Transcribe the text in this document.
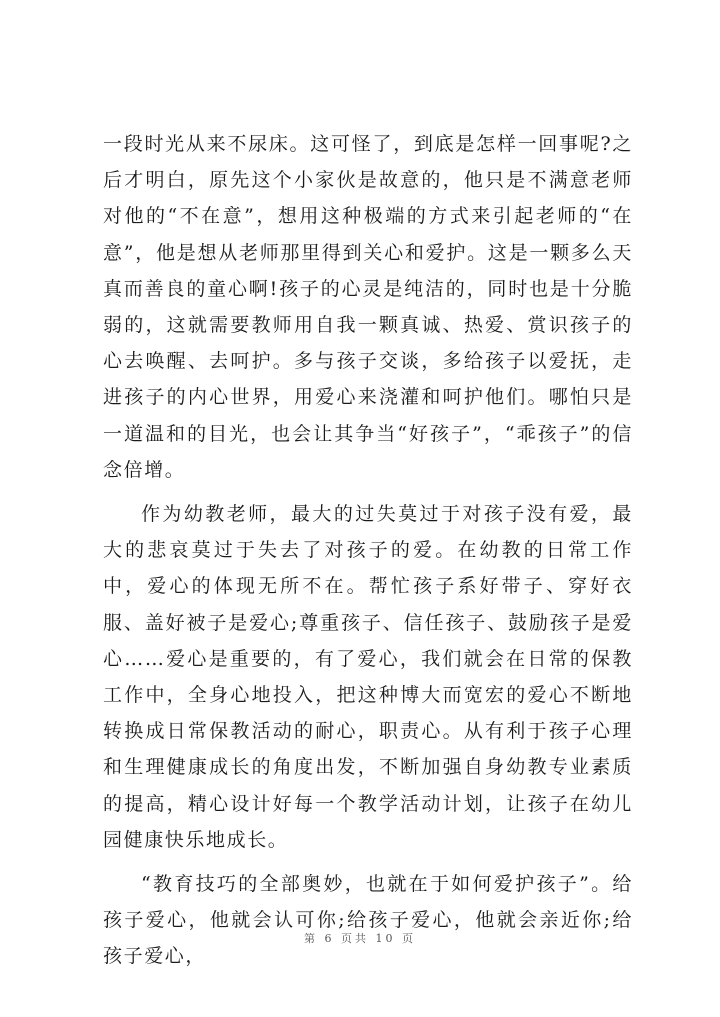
一段时光从来不尿床。这可怪了，到底是怎样一回事呢?之后才明白，原先这个小家伙是故意的，他只是不满意老师对他的“不在意”，想用这种极端的方式来引起老师的“在意”，他是想从老师那里得到关心和爱护。这是一颗多么天真而善良的童心啊!孩子的心灵是纯洁的，同时也是十分脆弱的，这就需要教师用自我一颗真诚、热爱、赏识孩子的心去唤醒、去呵护。多与孩子交谈，多给孩子以爱抚，走进孩子的内心世界，用爱心来浇灌和呵护他们。哪怕只是一道温和的目光，也会让其争当“好孩子”，“乖孩子”的信念倍增。

作为幼教老师，最大的过失莫过于对孩子没有爱，最大的悲哀莫过于失去了对孩子的爱。在幼教的日常工作中，爱心的体现无所不在。帮忙孩子系好带子、穿好衣服、盖好被子是爱心;尊重孩子、信任孩子、鼓励孩子是爱心……爱心是重要的，有了爱心，我们就会在日常的保教工作中，全身心地投入，把这种博大而宽宏的爱心不断地转换成日常保教活动的耐心，职责心。从有利于孩子心理和生理健康成长的角度出发，不断加强自身幼教专业素质的提高，精心设计好每一个教学活动计划，让孩子在幼儿园健康快乐地成长。

“教育技巧的全部奥妙，也就在于如何爱护孩子”。给孩子爱心，他就会认可你;给孩子爱心，他就会亲近你;给孩子爱心，

第 6 页共 10 页
